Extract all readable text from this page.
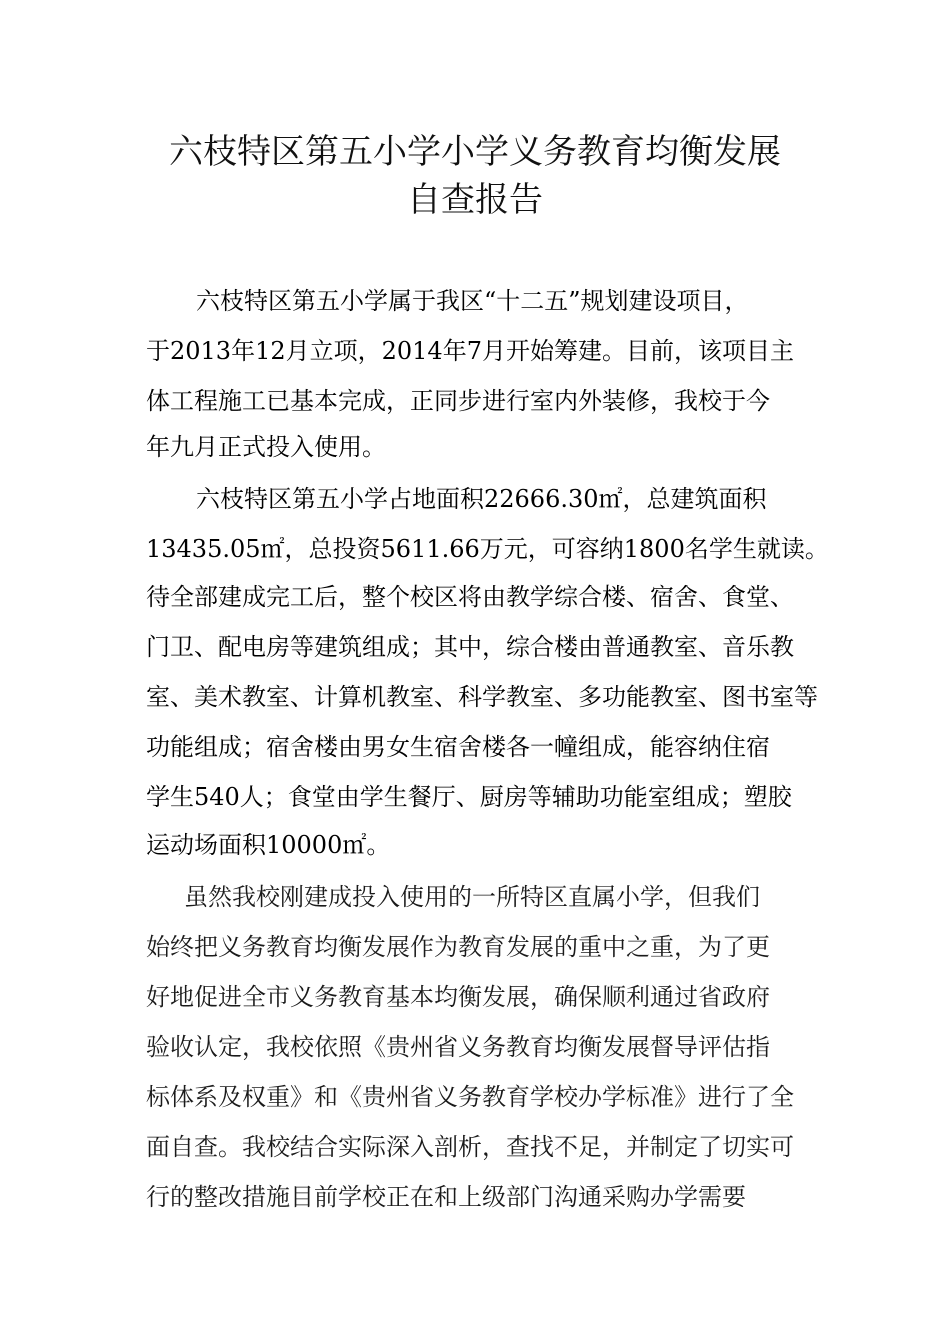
六枝特区第五小学小学义务教育均衡发展
自查报告
六枝特区第五小学属于我区“十二五”规划建设项目，
于2013年12月立项，2014年7月开始筹建。目前，该项目主
体工程施工已基本完成，正同步进行室内外装修，我校于今
年九月正式投入使用。
六枝特区第五小学占地面积22666.30㎡，总建筑面积
13435.05㎡，总投资5611.66万元，可容纳1800名学生就读。
待全部建成完工后，整个校区将由教学综合楼、宿舍、食堂、
门卫、配电房等建筑组成；其中，综合楼由普通教室、音乐教
室、美术教室、计算机教室、科学教室、多功能教室、图书室等
功能组成；宿舍楼由男女生宿舍楼各一幢组成，能容纳住宿
学生540人；食堂由学生餐厅、厨房等辅助功能室组成；塑胶
运动场面积10000㎡。
虽然我校刚建成投入使用的一所特区直属小学，但我们
始终把义务教育均衡发展作为教育发展的重中之重，为了更
好地促进全市义务教育基本均衡发展，确保顺利通过省政府
验收认定，我校依照《贵州省义务教育均衡发展督导评估指
标体系及权重》和《贵州省义务教育学校办学标准》进行了全
面自查。我校结合实际深入剖析，查找不足，并制定了切实可
行的整改措施目前学校正在和上级部门沟通采购办学需要
